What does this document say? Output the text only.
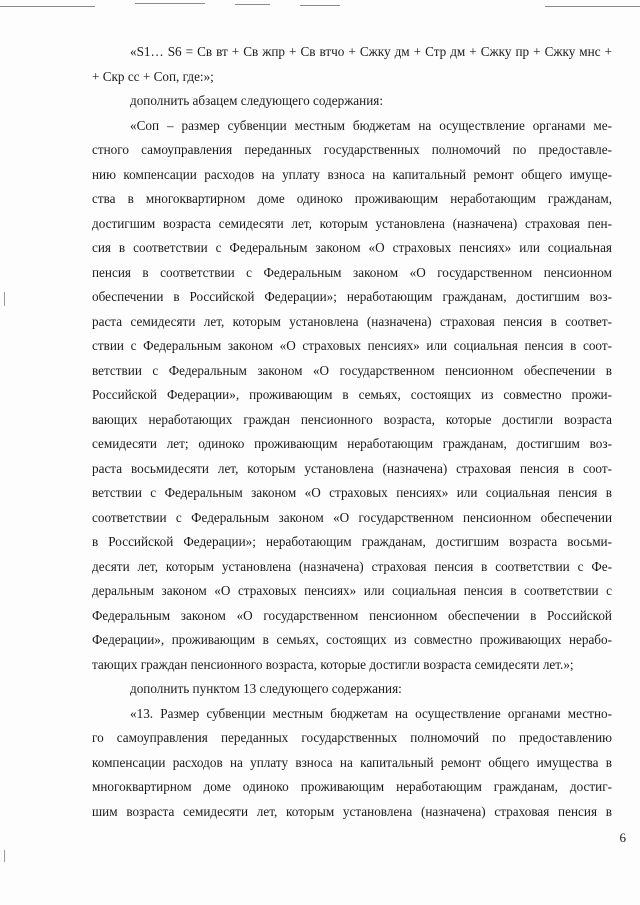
«S1… S6 = Св вт + Св жпр + Св втчо + Сжку дм + Стр дм + Сжку пр + Сжку мнс +
+ Скр сс + Соп, где:»;
дополнить абзацем следующего содержания:
«Соп – размер субвенции местным бюджетам на осуществление органами ме-
стного самоуправления переданных государственных полномочий по предоставле-
нию компенсации расходов на уплату взноса на капитальный ремонт общего имуще-
ства в многоквартирном доме одиноко проживающим неработающим гражданам,
достигшим возраста семидесяти лет, которым установлена (назначена) страховая пен-
сия в соответствии с Федеральным законом «О страховых пенсиях» или социальная
пенсия в соответствии с Федеральным законом «О государственном пенсионном
обеспечении в Российской Федерации»; неработающим гражданам, достигшим воз-
раста семидесяти лет, которым установлена (назначена) страховая пенсия в соответ-
ствии с Федеральным законом «О страховых пенсиях» или социальная пенсия в соот-
ветствии с Федеральным законом «О государственном пенсионном обеспечении в
Российской Федерации», проживающим в семьях, состоящих из совместно прожи-
вающих неработающих граждан пенсионного возраста, которые достигли возраста
семидесяти лет; одиноко проживающим неработающим гражданам, достигшим воз-
раста восьмидесяти лет, которым установлена (назначена) страховая пенсия в соот-
ветствии с Федеральным законом «О страховых пенсиях» или социальная пенсия в
соответствии с Федеральным законом «О государственном пенсионном обеспечении
в Российской Федерации»; неработающим гражданам, достигшим возраста восьми-
десяти лет, которым установлена (назначена) страховая пенсия в соответствии с Фе-
деральным законом «О страховых пенсиях» или социальная пенсия в соответствии с
Федеральным законом «О государственном пенсионном обеспечении в Российской
Федерации», проживающим в семьях, состоящих из совместно проживающих нерабо-
тающих граждан пенсионного возраста, которые достигли возраста семидесяти лет.»;
дополнить пунктом 13 следующего содержания:
«13. Размер субвенции местным бюджетам на осуществление органами местно-
го самоуправления переданных государственных полномочий по предоставлению
компенсации расходов на уплату взноса на капитальный ремонт общего имущества в
многоквартирном доме одиноко проживающим неработающим гражданам, достиг-
шим возраста семидесяти лет, которым установлена (назначена) страховая пенсия в
6
